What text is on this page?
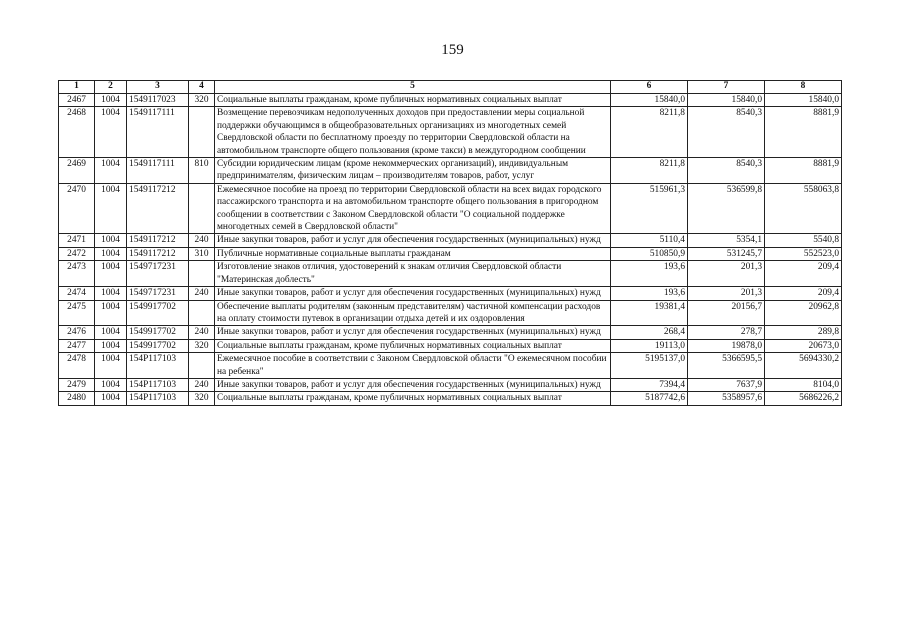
159
1	2	3	4	5	6	7	8
2467	1004	1549117023	320	Социальные выплаты гражданам, кроме публичных нормативных социальных выплат	15840,0	15840,0	15840,0
2468	1004	1549117111		Возмещение перевозчикам недополученных доходов при предоставлении меры социальной поддержки обучающимся в общеобразовательных организациях из многодетных семей Свердловской области по бесплатному проезду по территории Свердловской области на автомобильном транспорте общего пользования (кроме такси) в междугородном сообщении	8211,8	8540,3	8881,9
2469	1004	1549117111	810	Субсидии юридическим лицам (кроме некоммерческих организаций), индивидуальным предпринимателям, физическим лицам – производителям товаров, работ, услуг	8211,8	8540,3	8881,9
2470	1004	1549117212		Ежемесячное пособие на проезд по территории Свердловской области на всех видах городского пассажирского транспорта и на автомобильном транспорте общего пользования в пригородном сообщении в соответствии с Законом Свердловской области "О социальной поддержке многодетных семей в Свердловской области"	515961,3	536599,8	558063,8
2471	1004	1549117212	240	Иные закупки товаров, работ и услуг для обеспечения государственных (муниципальных) нужд	5110,4	5354,1	5540,8
2472	1004	1549117212	310	Публичные нормативные социальные выплаты гражданам	510850,9	531245,7	552523,0
2473	1004	1549717231		Изготовление знаков отличия, удостоверений к знакам отличия Свердловской области "Материнская доблесть"	193,6	201,3	209,4
2474	1004	1549717231	240	Иные закупки товаров, работ и услуг для обеспечения государственных (муниципальных) нужд	193,6	201,3	209,4
2475	1004	1549917702		Обеспечение выплаты родителям (законным представителям) частичной компенсации расходов на оплату стоимости путевок в организации отдыха детей и их оздоровления	19381,4	20156,7	20962,8
2476	1004	1549917702	240	Иные закупки товаров, работ и услуг для обеспечения государственных (муниципальных) нужд	268,4	278,7	289,8
2477	1004	1549917702	320	Социальные выплаты гражданам, кроме публичных нормативных социальных выплат	19113,0	19878,0	20673,0
2478	1004	154P117103		Ежемесячное пособие в соответствии с Законом Свердловской области "О ежемесячном пособии на ребенка"	5195137,0	5366595,5	5694330,2
2479	1004	154P117103	240	Иные закупки товаров, работ и услуг для обеспечения государственных (муниципальных) нужд	7394,4	7637,9	8104,0
2480	1004	154P117103	320	Социальные выплаты гражданам, кроме публичных нормативных социальных выплат	5187742,6	5358957,6	5686226,2
